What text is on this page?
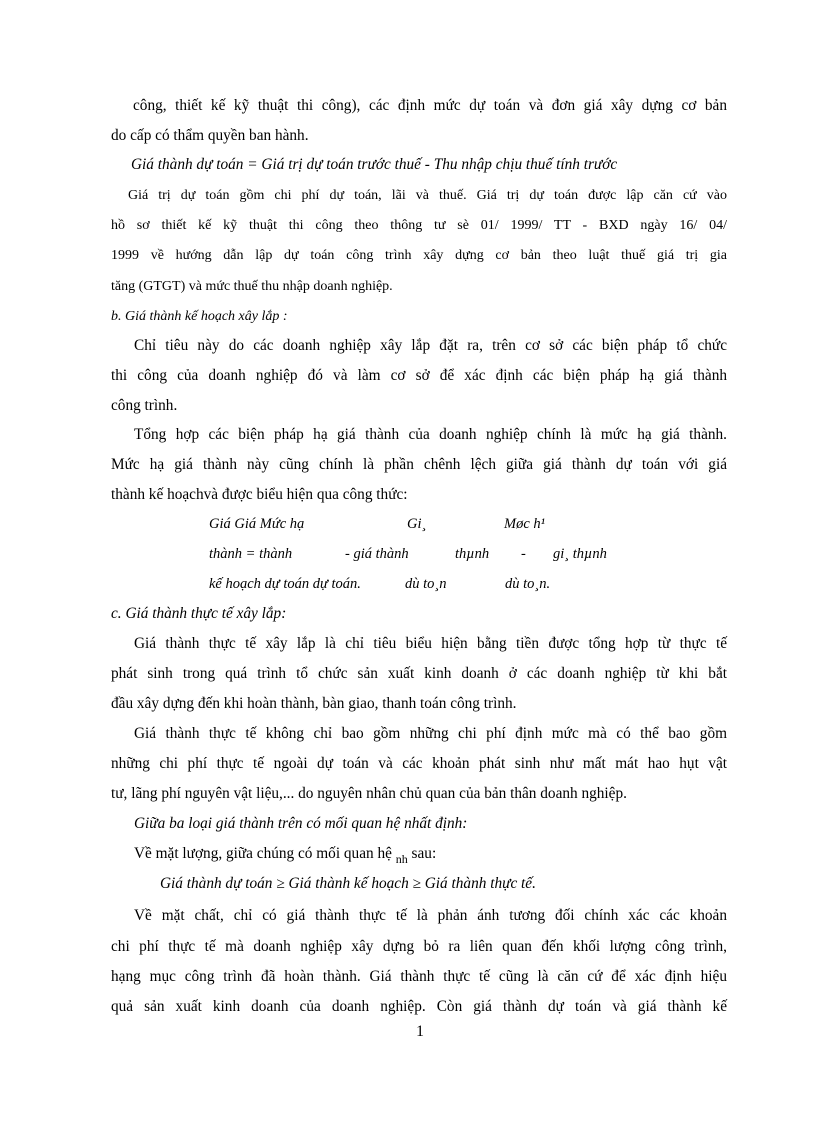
công, thiết kế kỹ thuật thi công), các định mức dự toán và đơn giá xây dựng cơ bản
do cấp có thẩm quyền ban hành.
Giá thành dự toán = Giá trị dự toán trước thuế - Thu nhập chịu thuế tính trước
Giá trị dự toán gồm chi phí dự toán, lãi và thuế. Giá trị dự toán được lập căn cứ vào
hồ sơ thiết kế kỹ thuật thi công theo thông tư sè 01/ 1999/ TT - BXD ngày 16/ 04/
1999 về hướng dẫn lập dự toán công trình xây dựng cơ bản theo luật thuế giá trị gia
tăng (GTGT) và mức thuế thu nhập doanh nghiệp.
b. Giá thành kế hoạch xây lắp :
Chỉ tiêu này do các doanh nghiệp xây lắp đặt ra, trên cơ sở các biện pháp tổ chức
thi công của doanh nghiệp đó và làm cơ sở để xác định các biện pháp hạ giá thành
công trình.
Tổng hợp các biện pháp hạ giá thành của doanh nghiệp chính là mức hạ giá thành.
Mức hạ giá thành này cũng chính là phần chênh lệch giữa giá thành dự toán với giá
thành kế hoạchvà được biểu hiện qua công thức:
Giá Giá Mức hạ	Gi¸	Møc h¹
thành = thành	- giá thành	thµnh - gi¸ thµnh
kế hoạch dự toán dự toán.	dù to¸n	dù to¸n.
c. Giá thành thực tế xây lắp:
Giá thành thực tế xây lắp là chỉ tiêu biểu hiện bằng tiền được tổng hợp từ thực tế
phát sinh trong quá trình tổ chức sản xuất kinh doanh ở các doanh nghiệp từ khi bắt
đầu xây dựng đến khi hoàn thành, bàn giao, thanh toán công trình.
Giá thành thực tế không chỉ bao gồm những chi phí định mức mà có thể bao gồm
những chi phí thực tế ngoài dự toán và các khoản phát sinh như mất mát hao hụt vật
tư, lãng phí nguyên vật liệu,... do nguyên nhân chủ quan của bản thân doanh nghiệp.
Giữa ba loại giá thành trên có mối quan hệ nhất định:
Về mặt lượng, giữa chúng có mối quan hệ $_{nh}$ sau:
Giá thành dự toán ≥ Giá thành kế hoạch ≥ Giá thành thực tế.
Về mặt chất, chỉ có giá thành thực tế là phản ánh tương đối chính xác các khoản
chi phí thực tế mà doanh nghiệp xây dựng bỏ ra liên quan đến khối lượng công trình,
hạng mục công trình đã hoàn thành. Giá thành thực tế cũng là căn cứ để xác định hiệu
quả sản xuất kinh doanh của doanh nghiệp. Còn giá thành dự toán và giá thành kế
1
